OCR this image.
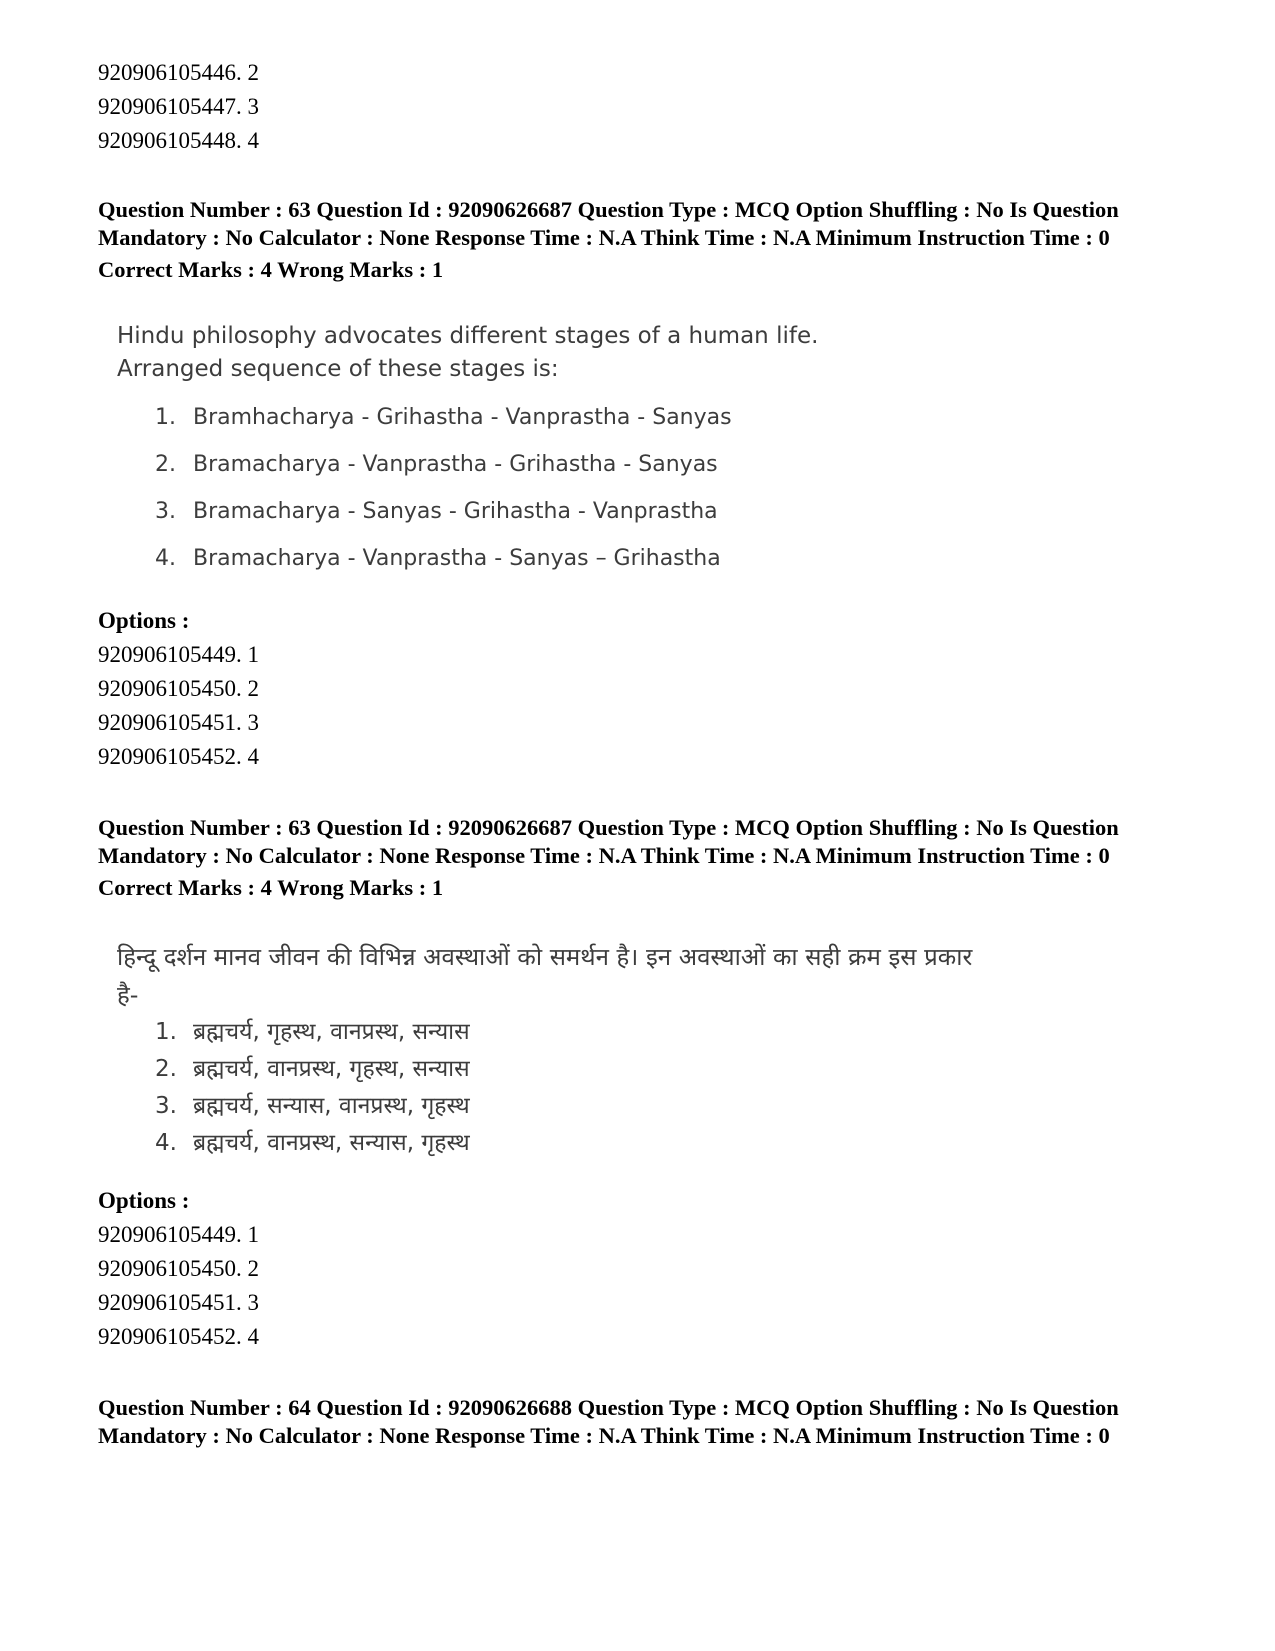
920906105446. 2
920906105447. 3
920906105448. 4

Question Number : 63 Question Id : 92090626687 Question Type : MCQ Option Shuffling : No Is Question Mandatory : No Calculator : None Response Time : N.A Think Time : N.A Minimum Instruction Time : 0

Correct Marks : 4 Wrong Marks : 1
Hindu philosophy advocates different stages of a human life. Arranged sequence of these stages is:
1. Bramhacharya - Grihastha - Vanprastha - Sanyas
2. Bramacharya - Vanprastha - Grihastha - Sanyas
3. Bramacharya - Sanyas - Grihastha - Vanprastha
4. Bramacharya - Vanprastha - Sanyas – Grihastha
Options :
920906105449. 1
920906105450. 2
920906105451. 3
920906105452. 4

Question Number : 63 Question Id : 92090626687 Question Type : MCQ Option Shuffling : No Is Question Mandatory : No Calculator : None Response Time : N.A Think Time : N.A Minimum Instruction Time : 0

Correct Marks : 4 Wrong Marks : 1
हिन्दू दर्शन मानव जीवन की विभिन्न अवस्थाओं को समर्थन है। इन अवस्थाओं का सही क्रम इस प्रकार है-
1. ब्रह्मचर्य, गृहस्थ, वानप्रस्थ, सन्यास
2. ब्रह्मचर्य, वानप्रस्थ, गृहस्थ, सन्यास
3. ब्रह्मचर्य, सन्यास, वानप्रस्थ, गृहस्थ
4. ब्रह्मचर्य, वानप्रस्थ, सन्यास, गृहस्थ
Options :
920906105449. 1
920906105450. 2
920906105451. 3
920906105452. 4

Question Number : 64 Question Id : 92090626688 Question Type : MCQ Option Shuffling : No Is Question Mandatory : No Calculator : None Response Time : N.A Think Time : N.A Minimum Instruction Time : 0
